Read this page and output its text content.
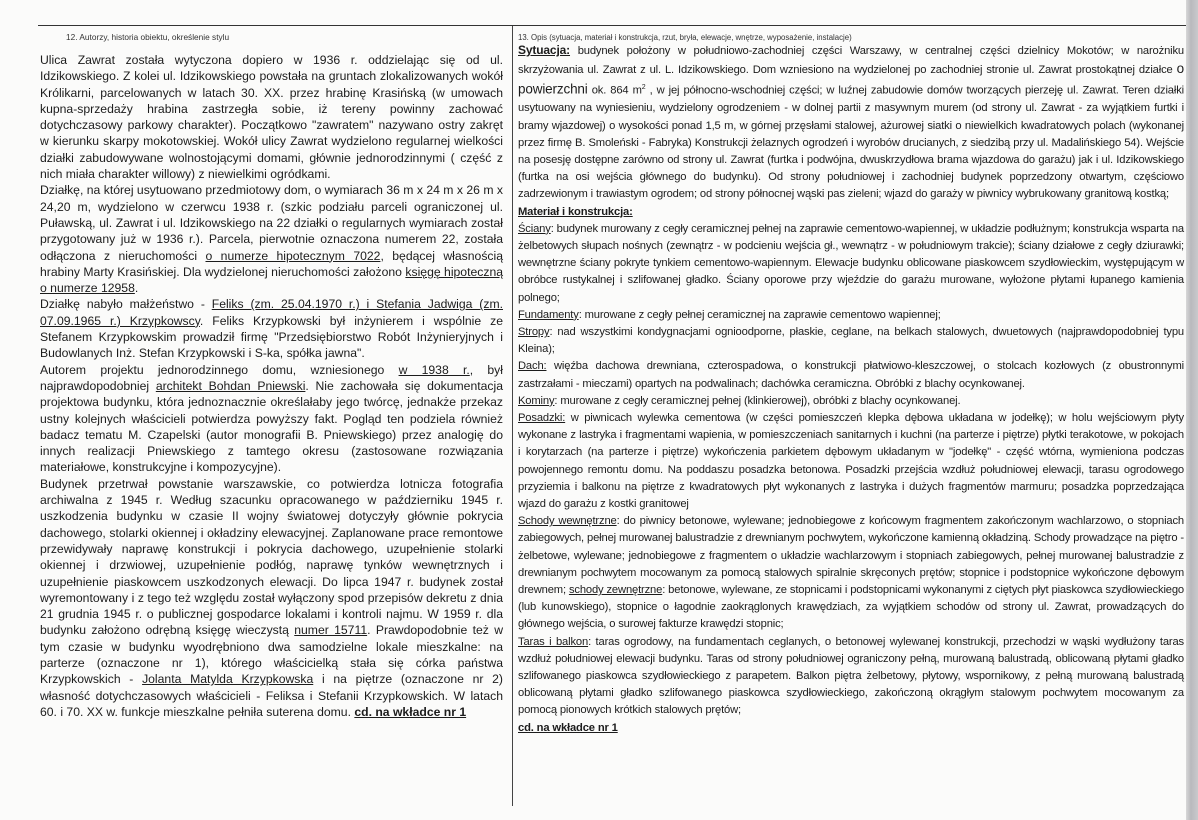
12. Autorzy, historia obiektu, określenie stylu

Ulica Zawrat została wytyczona dopiero w 1936 r. oddzielając się od ul. Idzikowskiego. Z kolei ul. Idzikowskiego powstała na gruntach zlokalizowanych wokół Królikarni, parcelowanych w latach 30. XX. przez hrabinę Krasińską (w umowach kupna-sprzedaży hrabina zastrzegła sobie, iż tereny powinny zachować dotychczasowy parkowy charakter). Początkowo "zawratem" nazywano ostry zakręt w kierunku skarpy mokotowskiej. Wokół ulicy Zawrat wydzielono regularnej wielkości działki zabudowywane wolnostojącymi domami, głównie jednorodzinnymi ( część z nich miała charakter willowy) z niewielkimi ogródkami.

Działkę, na której usytuowano przedmiotowy dom, o wymiarach 36 m x 24 m x 26 m x 24,20 m, wydzielono w czerwcu 1938 r. (szkic podziału parceli ograniczonej ul. Puławską, ul. Zawrat i ul. Idzikowskiego na 22 działki o regularnych wymiarach został przygotowany już w 1936 r.). Parcela, pierwotnie oznaczona numerem 22, została odłączona z nieruchomości o numerze hipotecznym 7022, będącej własnością hrabiny Marty Krasińskiej. Dla wydzielonej nieruchomości założono księgę hipoteczną o numerze 12958.

Działkę nabyło małżeństwo - Feliks (zm. 25.04.1970 r.) i Stefania Jadwiga (zm. 07.09.1965 r.) Krzypkowscy. Feliks Krzypkowski był inżynierem i wspólnie ze Stefanem Krzypkowskim prowadził firmę "Przedsiębiorstwo Robót Inżynieryjnych i Budowlanych Inż. Stefan Krzypkowski i S-ka, spółka jawna".

Autorem projektu jednorodzinnego domu, wzniesionego w 1938 r., był najprawdopodobniej architekt Bohdan Pniewski. Nie zachowała się dokumentacja projektowa budynku, która jednoznacznie określałaby jego twórcę, jednakże przekaz ustny kolejnych właścicieli potwierdza powyższy fakt. Pogląd ten podziela również badacz tematu M. Czapelski (autor monografii B. Pniewskiego) przez analogię do innych realizacji Pniewskiego z tamtego okresu (zastosowane rozwiązania materiałowe, konstrukcyjne i kompozycyjne).

Budynek przetrwał powstanie warszawskie, co potwierdza lotnicza fotografia archiwalna z 1945 r. Według szacunku opracowanego w październiku 1945 r. uszkodzenia budynku w czasie II wojny światowej dotyczyły głównie pokrycia dachowego, stolarki okiennej i okładziny elewacyjnej. Zaplanowane prace remontowe przewidywały naprawę konstrukcji i pokrycia dachowego, uzupełnienie stolarki okiennej i drzwiowej, uzupełnienie podłóg, naprawę tynków wewnętrznych i uzupełnienie piaskowcem uszkodzonych elewacji. Do lipca 1947 r. budynek został wyremontowany i z tego też względu został wyłączony spod przepisów dekretu z dnia 21 grudnia 1945 r. o publicznej gospodarce lokalami i kontroli najmu. W 1959 r. dla budynku założono odrębną księgę wieczystą numer 15711. Prawdopodobnie też w tym czasie w budynku wyodrębniono dwa samodzielne lokale mieszkalne: na parterze (oznaczone nr 1), którego właścicielką stała się córka państwa Krzypkowskich - Jolanta Matylda Krzypkowska i na piętrze (oznaczone nr 2) własność dotychczasowych właścicieli - Feliksa i Stefanii Krzypkowskich. W latach 60. i 70. XX w. funkcje mieszkalne pełniła suterena domu. cd. na wkładce nr 1

13. Opis (sytuacja, materiał i konstrukcja, rzut, bryła, elewacje, wnętrze, wyposażenie, instalacje)

Sytuacja: budynek położony w południowo-zachodniej części Warszawy, w centralnej części dzielnicy Mokotów; w narożniku skrzyżowania ul. Zawrat z ul. L. Idzikowskiego. Dom wzniesiono na wydzielonej po zachodniej stronie ul. Zawrat prostokątnej działce o powierzchni ok. 864 $m^2$ , w jej północno-wschodniej części; w luźnej zabudowie domów tworzących pierzeję ul. Zawrat. Teren działki usytuowany na wyniesieniu, wydzielony ogrodzeniem - w dolnej partii z masywnym murem (od strony ul. Zawrat - za wyjątkiem furtki i bramy wjazdowej) o wysokości ponad 1,5 m, w górnej przęsłami stalowej, ażurowej siatki o niewielkich kwadratowych polach (wykonanej przez firmę B. Smoleński - Fabryka) Konstrukcji żelaznych ogrodzeń i wyrobów drucianych, z siedzibą przy ul. Madalińskiego 54). Wejście na posesję dostępne zarówno od strony ul. Zawrat (furtka i podwójna, dwuskrzydłowa brama wjazdowa do garażu) jak i ul. Idzikowskiego (furtka na osi wejścia głównego do budynku). Od strony południowej i zachodniej budynek poprzedzony otwartym, częściowo zadrzewionym i trawiastym ogrodem; od strony północnej wąski pas zieleni; wjazd do garaży w piwnicy wybrukowany granitową kostką;

Materiał i konstrukcja:

Ściany: budynek murowany z cegły ceramicznej pełnej na zaprawie cementowo-wapiennej, w układzie podłużnym; konstrukcja wsparta na żelbetowych słupach nośnych (zewnątrz - w podcieniu wejścia gł., wewnątrz - w południowym trakcie); ściany działowe z cegły dziurawki; wewnętrzne ściany pokryte tynkiem cementowo-wapiennym. Elewacje budynku oblicowane piaskowcem szydłowieckim, występującym w obróbce rustykalnej i szlifowanej gładko. Ściany oporowe przy wjeździe do garażu murowane, wyłożone płytami łupanego kamienia polnego;

Fundamenty: murowane z cegły pełnej ceramicznej na zaprawie cementowo wapiennej;

Stropy: nad wszystkimi kondygnacjami ognioodporne, płaskie, ceglane, na belkach stalowych, dwuetowych (najprawdopodobniej typu Kleina);

Dach: więźba dachowa drewniana, czterospadowa, o konstrukcji płatwiowo-kleszczowej, o stolcach kozłowych (z obustronnymi zastrzałami - mieczami) opartych na podwalinach; dachówka ceramiczna. Obróbki z blachy ocynkowanej.

Kominy: murowane z cegły ceramicznej pełnej (klinkierowej), obróbki z blachy ocynkowanej.

Posadzki: w piwnicach wylewka cementowa (w części pomieszczeń klepka dębowa układana w jodełkę); w holu wejściowym płyty wykonane z lastryka i fragmentami wapienia, w pomieszczeniach sanitarnych i kuchni (na parterze i piętrze) płytki terakotowe, w pokojach i korytarzach (na parterze i piętrze) wykończenia parkietem dębowym układanym w "jodełkę" - część wtórna, wymieniona podczas powojennego remontu domu. Na poddaszu posadzka betonowa. Posadzki przejścia wzdłuż południowej elewacji, tarasu ogrodowego przyziemia i balkonu na piętrze z kwadratowych płyt wykonanych z lastryka i dużych fragmentów marmuru; posadzka poprzedzająca wjazd do garażu z kostki granitowej

Schody wewnętrzne: do piwnicy betonowe, wylewane; jednobiegowe z końcowym fragmentem zakończonym wachlarzowo, o stopniach zabiegowych, pełnej murowanej balustradzie z drewnianym pochwytem, wykończone kamienną okładziną. Schody prowadzące na piętro - żelbetowe, wylewane; jednobiegowe z fragmentem o układzie wachlarzowym i stopniach zabiegowych, pełnej murowanej balustradzie z drewnianym pochwytem mocowanym za pomocą stalowych spiralnie skręconych prętów; stopnice i podstopnice wykończone dębowym drewnem; schody zewnętrzne: betonowe, wylewane, ze stopnicami i podstopnicami wykonanymi z ciętych płyt piaskowca szydłowieckiego (lub kunowskiego), stopnice o łagodnie zaokrąglonych krawędziach, za wyjątkiem schodów od strony ul. Zawrat, prowadzących do głównego wejścia, o surowej fakturze krawędzi stopnic;

Taras i balkon: taras ogrodowy, na fundamentach ceglanych, o betonowej wylewanej konstrukcji, przechodzi w wąski wydłużony taras wzdłuż południowej elewacji budynku. Taras od strony południowej ograniczony pełną, murowaną balustradą, oblicowaną płytami gładko szlifowanego piaskowca szydłowieckiego z parapetem. Balkon piętra żelbetowy, płytowy, wspornikowy, z pełną murowaną balustradą oblicowaną płytami gładko szlifowanego piaskowca szydłowieckiego, zakończoną okrągłym stalowym pochwytem mocowanym za pomocą pionowych krótkich stalowych prętów;

cd. na wkładce nr 1
